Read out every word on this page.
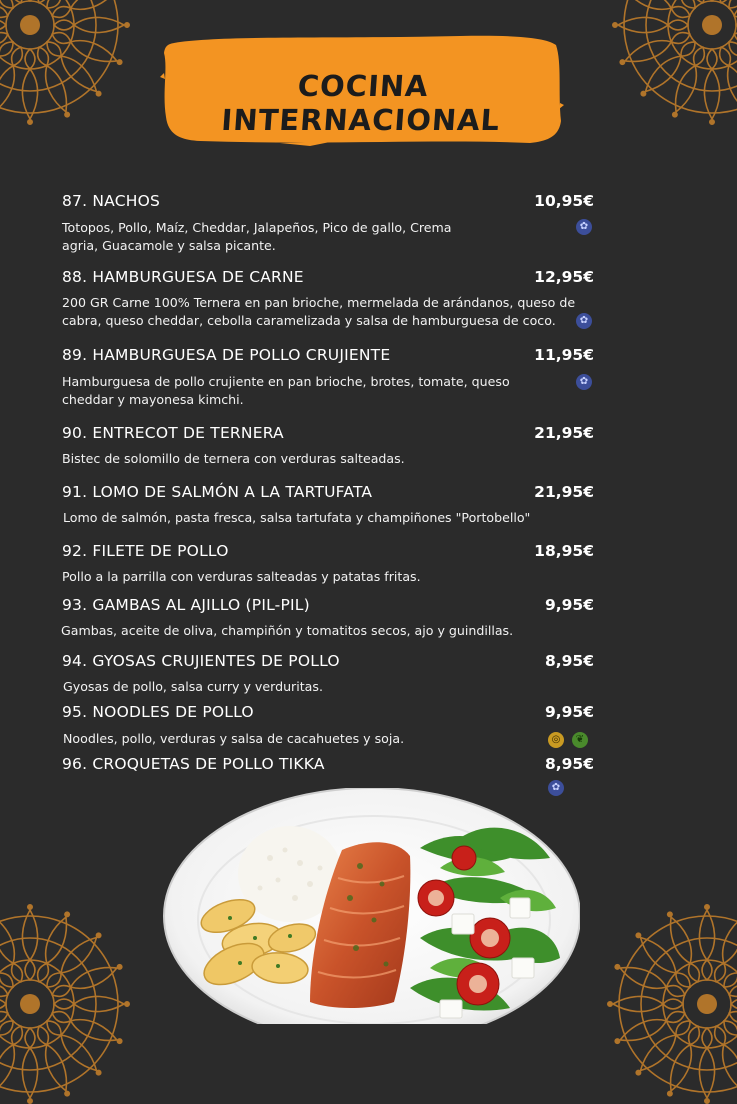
COCINA INTERNACIONAL
87. NACHOS	10,95€
Totopos, Pollo, Maíz, Cheddar, Jalapeños, Pico de gallo, Crema agria, Guacamole y salsa picante.
✿
88. HAMBURGUESA DE CARNE	12,95€
200 GR Carne 100% Ternera en pan brioche, mermelada de arándanos, queso de cabra, queso cheddar, cebolla caramelizada y salsa de hamburguesa de coco.	✿
89. HAMBURGUESA DE POLLO CRUJIENTE	11,95€
Hamburguesa de pollo crujiente en pan brioche, brotes, tomate, queso cheddar y mayonesa kimchi.
✿
90. ENTRECOT DE TERNERA	21,95€
Bistec de solomillo de ternera con verduras salteadas.
91. LOMO DE SALMÓN A LA TARTUFATA	21,95€
Lomo de salmón, pasta fresca, salsa tartufata y champiñones "Portobello"
92. FILETE DE POLLO	18,95€
Pollo a la parrilla con verduras salteadas y patatas fritas.
93. GAMBAS AL AJILLO (PIL-PIL)	9,95€
Gambas, aceite de oliva, champiñón y tomatitos secos, ajo y guindillas.
94. GYOSAS CRUJIENTES DE POLLO	8,95€
Gyosas de pollo, salsa curry y verduritas.
95. NOODLES DE POLLO	9,95€
Noodles, pollo, verduras y salsa de cacahuetes y soja.	◎	❦
96. CROQUETAS DE POLLO TIKKA	8,95€
✿
